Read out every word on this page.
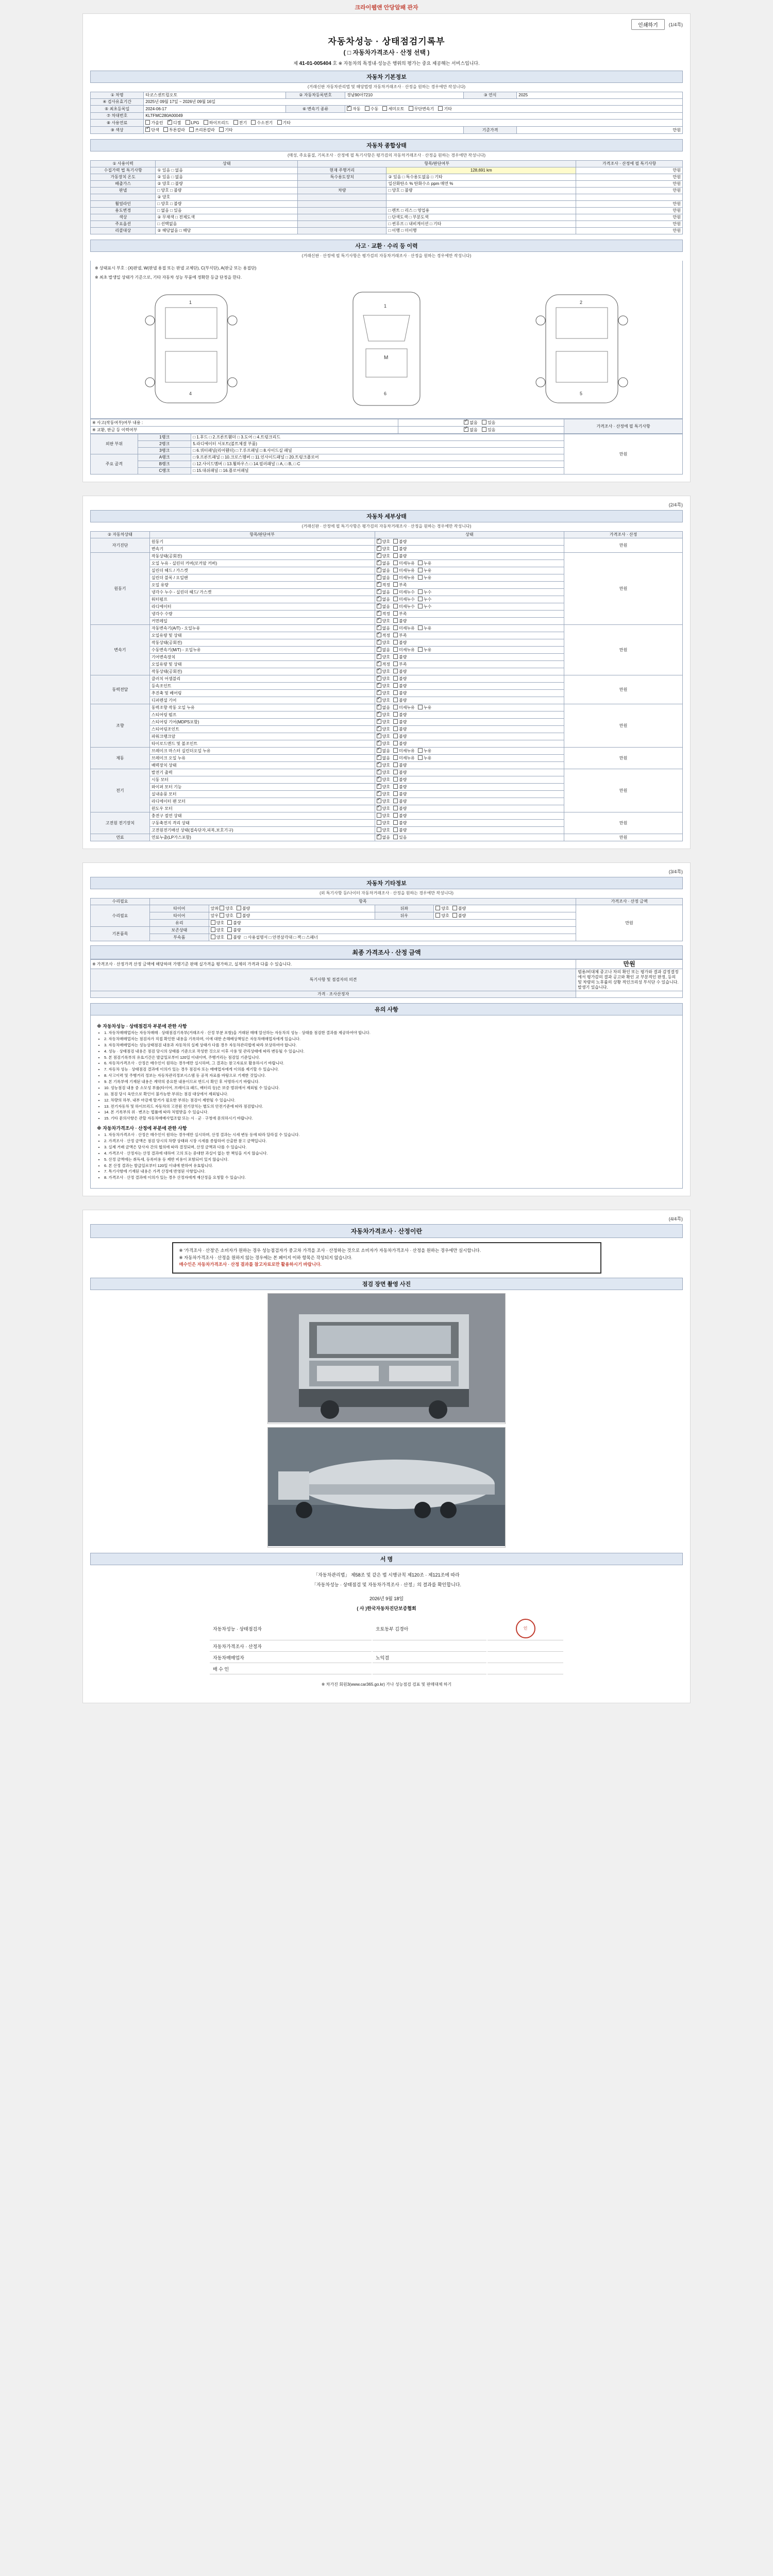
크라이웹앤 안당알패 관자
인쇄하기	(1/4쪽)
자동차성능 · 상태점검기록부
( □ 자동차가격조사 · 산정 선택 )
제 41-01-005404 호 ※ 자동차의 특정내·성능은 행위의 평가는 중요 제공해는 서비스입니다.
자동차 기본정보
(거래신판 자동차관리법 및 해당법령 자동차거래조사 · 산정을 원하는 경우에만 작성니다)
① 차명	타코스센트럴오토	② 자동차등록번호	경남90아7210	③ 연식	2025
④ 검사유효기간	2025년 09월 17일 ~ 2026년 09월 16일				
⑤ 최초등록일	2024-06-17	⑥ 변속기 종류	✓자동 수동 세미오토 무단변속기 기타
⑦ 차대번호	KLTFMC280A00049				
⑧ 사용연료	가솔린 ✓ 디젤 LPG 하이브리드 전기 수소전기 기타
⑨ 색상	✓단색 투톤칼라 쓰리톤칼라 기타			기준가격	만원
자동차 종합상태
(매성, 주요품질, 기록조사 · 산정에 필 특기사항은 평가검의 자동차거래조사 · 산정을 원하는 경우에만 작성니다)
① 사용이력	상태	항목/판단여부		가격조사 · 산정에 필 특기사항
수집가력 법 특기사항	① 있음 □ 없음	현재 주행거리	128,691 km	만원
가동장치 온도	② 있음 □ 없음	특수용도장치	② 있음 □ 특수용도없음 □ 기타	만원
배출가스	② 양호 □ 불량		일산화탄소 % 탄화수소 ppm 매연 %	만원
판넬	□ 양호 □ 불량	차량	□ 양호 □ 불량	만원
	② 양호			
휠얼라인	□ 양호 □ 불량			만원
용도변경	□ 없음 □ 있음		□ 렌트 □ 리스 □ 영업용	만원
색상	② 무채색 □ 전체도색		□ 단색도색 □ 부분도색	만원
주요옵션	□ 선택없음		□ 썬루프 □ 내비게이션 □ 기타	만원
리콜대상	② 해당없음 □ 해당		□ 이행 □ 미이행	만원
사고 · 교환 · 수리 등 이력
(거래신판 · 산정에 필 특기사항은 평가검의 자동차거래조사 · 산정을 원하는 경우에만 작성니다)
※ 상태표시 부호 : (X)판넬, W(판넬 용접 또는 판넬 교체단), C(부식단), A(판금 또는 용접단)
※ 최초 발생일 상태가 기준으로, 기타 자동차 성능 부품에 정확한 등급 단정을 한다.
1
4
M
1
6
2
5
※ 사고(작동여부)여부 내용 :	✓없음 있음	가격조사 · 산정에 필 특기사항
※ 교환, 판금 등 이력여부	✓없음 있음
외판 부위	1랭크	□ 1.후드 □ 2.프론트휀더 □ 3.도어 □ 4.트렁크리드	만원
	2랭크	5.라디에이터 서포트(볼트체결 부품)	
	3랭크	□ 6.쿼터패널(리어휀더) □ 7.루프패널 □ 8.사이드실 패널	
주요 골격	A랭크	□ 9.프론트패널 □ 10.크로스멤버 □ 11.인사이드패널 □ 20.트렁크플로어	
	B랭크	□ 12.사이드멤버 □ 13.휠하우스 □ 14.필러패널 □ A, □ B, □ C	
	C랭크	□ 15.대쉬패널 □ 16.플로어패널	
(2/4쪽)
자동차 세부상태
(거래신판 · 산정에 필 특기사항은 평가검의 자동차거래조사 · 산정을 원하는 경우에만 작성니다)
② 자동차상태	항목/판단여부	상태	가격조사 · 산정
자기진단	원동기	✓양호 불량	만원
	변속기	✓양호 불량
원동기	작동상태(공회전)	✓양호 불량	만원
	오일 누유 - 실린더 커버(로커암 커버)	✓없음 미세누유 누유
	실린더 헤드 / 가스켓	✓없음 미세누유 누유
	실린더 블록 / 오일팬	✓없음 미세누유 누유
	오일 유량	✓적정 부족
	냉각수 누수 - 실린더 헤드/ 가스켓	✓없음 미세누수 누수
	워터펌프	✓없음 미세누수 누수
	라디에이터	✓없음 미세누수 누수
	냉각수 수량	✓적정 부족
	커먼레일	✓양호 불량
변속기	자동변속기(A/T) - 오일누유	✓없음 미세누유 누유	만원
	오일유량 및 상태	✓적정 부족
	작동상태(공회전)	✓양호 불량
	수동변속기(M/T) - 오일누유	✓없음 미세누유 누유
	기어변속장치	✓양호 불량
	오일유량 및 상태	✓적정 부족
	작동상태(공회전)	✓양호 불량
동력전달	클러치 어셈블리	✓양호 불량	만원
	등속조인트	✓양호 불량
	추진축 및 베어링	✓양호 불량
	디퍼렌셜 기어	✓양호 불량
조향	동력조향 작동 오일 누유	✓없음 미세누유 누유	만원
	스티어링 펌프	✓양호 불량
	스티어링 기어(MDPS포함)	✓양호 불량
	스티어링조인트	✓양호 불량
	파워크랭크암	✓양호 불량
	타이로드엔드 및 볼조인트	✓양호 불량
제동	브레이크 마스터 실린더오일 누유	✓없음 미세누유 누유	만원
	브레이크 오일 누유	✓없음 미세누유 누유
	배력장치 상태	✓양호 불량
전기	발전기 출력	✓양호 불량	만원
	시동 모터	✓양호 불량
	와이퍼 모터 기능	✓양호 불량
	실내송풍 모터	✓양호 불량
	라디에이터 팬 모터	✓양호 불량
	윈도우 모터	✓양호 불량
고전원 전기장치	충전구 절연 상태	양호 불량	만원
	구동축전지 격리 상태	양호 불량	
	고전원전기배선 상태(접속단자,피복,보호기구)	양호 불량	
연료	연료누출(LP가스포함)	✓없음 있음	만원
(3/4쪽)
자동차 기타정보
(외 특기사항 등/나이터 자동차거래조사 · 산정을 원하는 경우에만 작성니다)
수리필요	항목				가격조사 · 산정 금액
수리필요	타이어	앞좌 양호 불량	뒤좌	양호 불량	만원
	타이어	앞우 양호 불량	뒤우	양호 불량	
	유리	양호 불량			
기본품목	보존상태	양호 불량			
	부속품	양호 불량 □ 사용설명서 □ 안전삼각대 □ 잭 □ 스패너			
최종 가격조사 · 산정 금액
※ 가격조사 · 산정가격 산정 금액에 해당하며 가맹기준 판매 실가격을 평가하고, 실제의 가격과 다를 수 있습니다.	만원
특기사항 및 점검자의 의견	범용/비대체 중고나 차의 확인 또는 평가와 결과 감정결정에서 평가감의 결과 공고와 확인 교 부분적인 판정, 등의 및 차량의 노후률의 상황 적인크리성 부식단 수 있습니다. 발생기 있습니다.
가격 · 조사산정자	
유의 사항
※ 자동차성능 · 상태점검자 부분에 관한 사항
• 1. 자동차매매업자는 자동차매매 · 상태점검기록부(거래조사 · 산정 부분 포함)을 거래된 매매 알선하는 자동차의 성능 · 상태를 점검한 결과를 제공하여야 합니다.
• 2. 자동차매매업자는 점검자가 직접 확인한 내용을 기록하며, 이에 대한 손해배상책임은 자동차매매업자에게 있습니다.
• 3. 자동차매매업자는 성능상태점검 내용과 자동차의 실제 상태가 다를 경우 자동차관리법에 따라 보상하여야 합니다.
• 4. 성능 · 상태점검 내용은 점검 당시의 상태를 기준으로 작성한 것으로 이후 사용 및 관리상태에 따라 변동될 수 있습니다.
• 5. 본 점검기록부의 유효기간은 발급일로부터 120일 이내이며, 주행거리는 점검일 기준입니다.
• 6. 자동차가격조사 · 산정은 매수인이 원하는 경우에만 실시하며, 그 결과는 참고자료로 활용하시기 바랍니다.
• 7. 자동차 성능 · 상태점검 결과에 이의가 있는 경우 점검자 또는 매매업자에게 이의를 제기할 수 있습니다.
• 8. 사고이력 및 주행거리 정보는 자동차관리정보시스템 등 공적 자료를 바탕으로 기재한 것입니다.
• 9. 본 기록부에 기재된 내용은 계약의 중요한 내용이므로 반드시 확인 후 서명하시기 바랍니다.
• 10. 성능점검 내용 중 소모성 부품(타이어, 브레이크 패드, 배터리 등)은 보증 범위에서 제외될 수 있습니다.
• 11. 점검 당시 육안으로 확인이 불가능한 부위는 점검 대상에서 제외됩니다.
• 12. 차량의 하부, 내부 마감재 탈거가 필요한 부위는 점검이 제한될 수 있습니다.
• 13. 전기자동차 및 하이브리드 자동차의 고전원 전기장치는 별도의 안전기준에 따라 점검합니다.
• 14. 본 기록부의 위 · 변조는 법률에 따라 처벌받을 수 있습니다.
• 15. 기타 문의사항은 관할 자동차매매사업조합 또는 시 · 군 · 구청에 문의하시기 바랍니다.
※ 자동차가격조사 · 산정에 부분에 관한 사항
• 1. 자동차가격조사 · 산정은 매수인이 원하는 경우에만 실시하며, 산정 결과는 시세 변동 등에 따라 달라질 수 있습니다.
• 2. 가격조사 · 산정 금액은 점검 당시의 차량 상태와 시장 시세를 종합하여 산출한 참고 금액입니다.
• 3. 실제 거래 금액은 당사자 간의 협의에 따라 결정되며, 산정 금액과 다를 수 있습니다.
• 4. 가격조사 · 산정자는 산정 결과에 대하여 고의 또는 중대한 과실이 없는 한 책임을 지지 않습니다.
• 5. 산정 금액에는 취득세, 등록비용 등 제반 비용이 포함되어 있지 않습니다.
• 6. 본 산정 결과는 발급일로부터 120일 이내에 한하여 유효합니다.
• 7. 특기사항에 기재된 내용은 가격 산정에 반영된 사항입니다.
• 8. 가격조사 · 산정 결과에 이의가 있는 경우 산정자에게 재산정을 요청할 수 있습니다.
(4/4쪽)
자동차가격조사 · 산정이란
※ '가격조사 · 산정'은 소비자가 원하는 경우 성능점검자가 중고차 가격을 조사 · 산정하는 것으로 소비자가 자동차가격조사 · 산정을 원하는 경우에만 실시합니다.
※ 자동차가격조사 · 산정을 원하지 않는 경우에는 본 페이지 이하 항목은 작성되지 않습니다.
매수인은 자동차가격조사 · 산정 결과를 참고자료로만 활용하시기 바랍니다.
점검 장면 촬영 사진
서 명
「자동차관리법」 제58조 및 같은 법 시행규칙 제120조 · 제121조에 따라
「자동차성능 · 상태점검 및 자동차가격조사 · 산정」의 결과를 확인합니다.
2026년 9월 18일
( 사 )한국자동차진단보증협회
자동차성능 · 상태점검자	오토동부 김경아	인
자동차가격조사 · 산정자		
자동차매매업자	노익겸	
매 수 인		
※ 차가진 회원3(www.car365.go.kr) 가나 성능점검 검표 및 판매대체 하기
